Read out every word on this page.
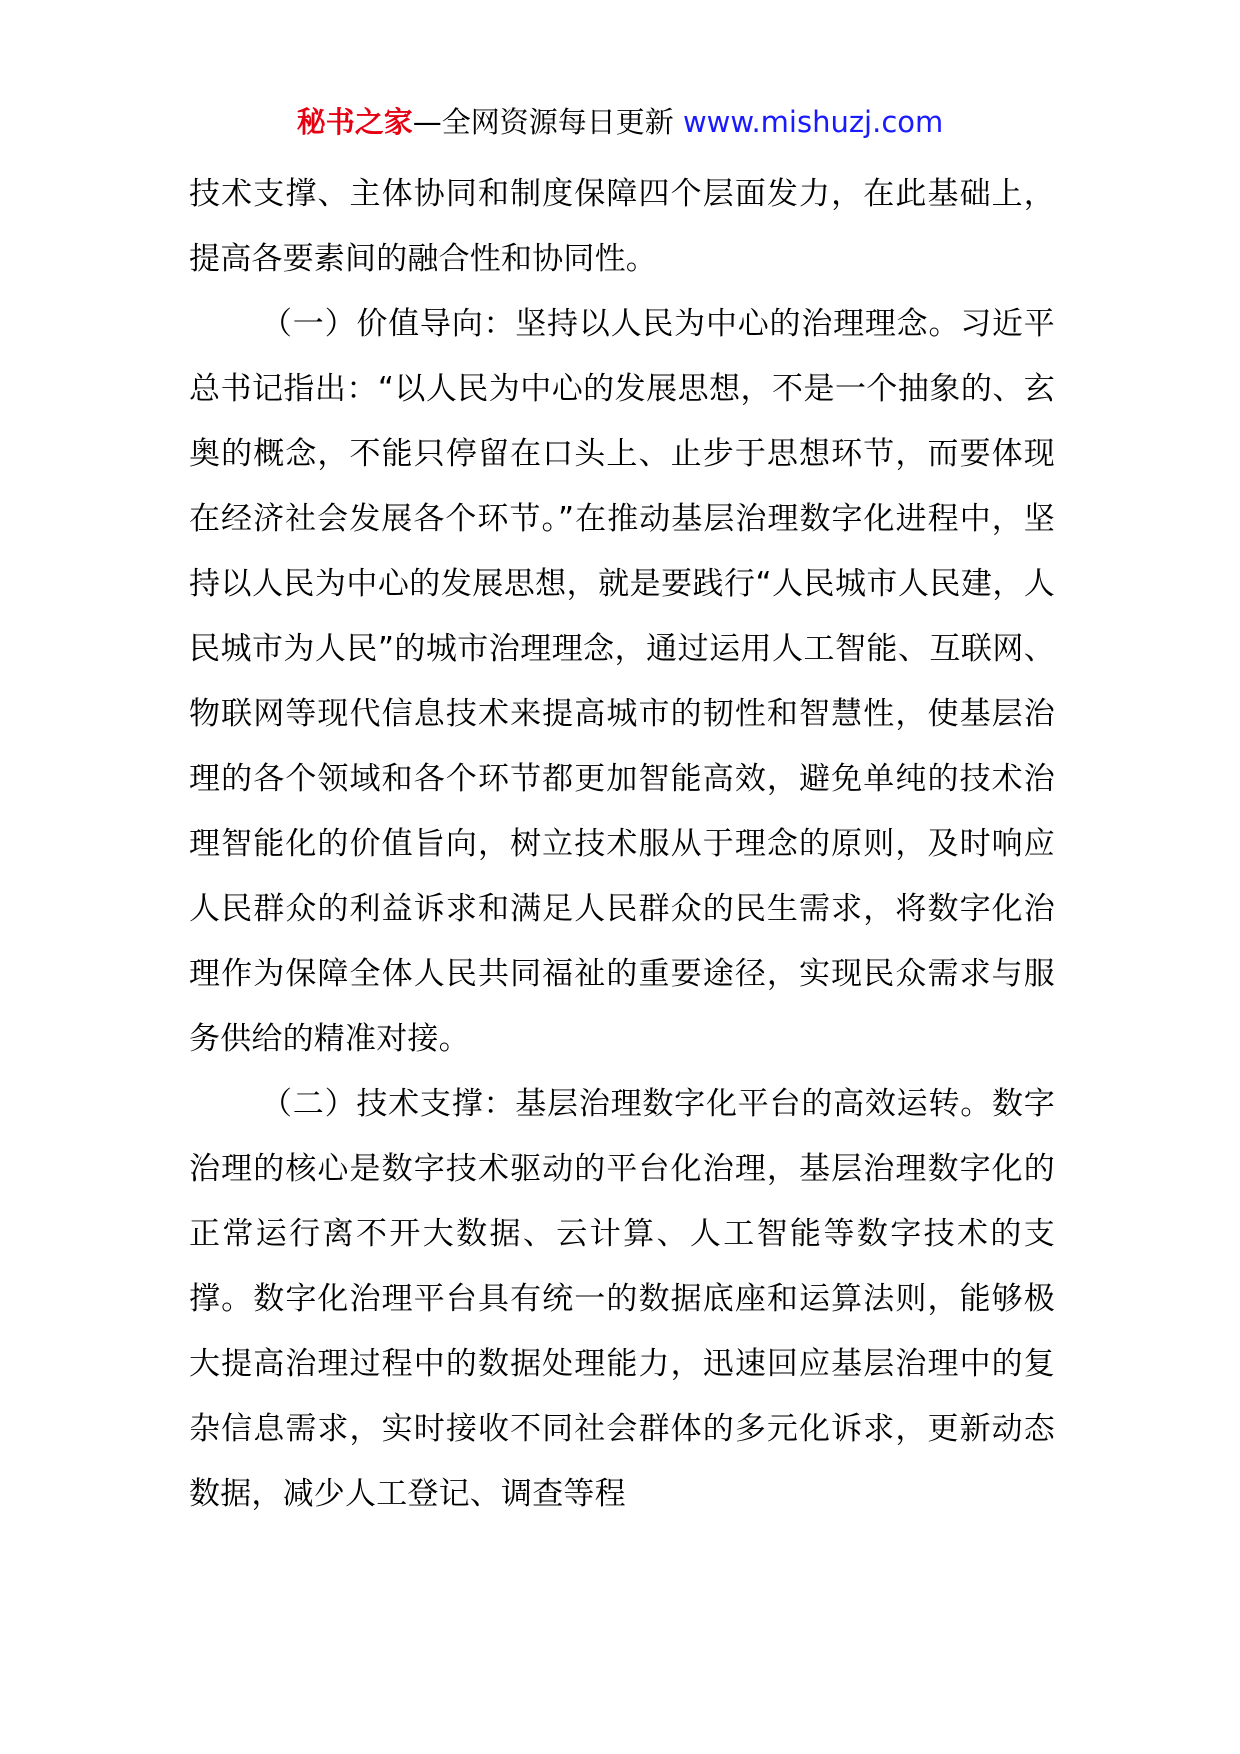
秘书之家—全网资源每日更新 www.mishuzj.com

技术支撑、主体协同和制度保障四个层面发力，在此基础上，提高各要素间的融合性和协同性。

（一）价值导向：坚持以人民为中心的治理理念。习近平总书记指出：“以人民为中心的发展思想，不是一个抽象的、玄奥的概念，不能只停留在口头上、止步于思想环节，而要体现在经济社会发展各个环节。”在推动基层治理数字化进程中，坚持以人民为中心的发展思想，就是要践行“人民城市人民建，人民城市为人民”的城市治理理念，通过运用人工智能、互联网、物联网等现代信息技术来提高城市的韧性和智慧性，使基层治理的各个领域和各个环节都更加智能高效，避免单纯的技术治理智能化的价值旨向，树立技术服从于理念的原则，及时响应人民群众的利益诉求和满足人民群众的民生需求，将数字化治理作为保障全体人民共同福祉的重要途径，实现民众需求与服务供给的精准对接。

（二）技术支撑：基层治理数字化平台的高效运转。数字治理的核心是数字技术驱动的平台化治理，基层治理数字化的正常运行离不开大数据、云计算、人工智能等数字技术的支撑。数字化治理平台具有统一的数据底座和运算法则，能够极大提高治理过程中的数据处理能力，迅速回应基层治理中的复杂信息需求，实时接收不同社会群体的多元化诉求，更新动态数据，减少人工登记、调查等程
